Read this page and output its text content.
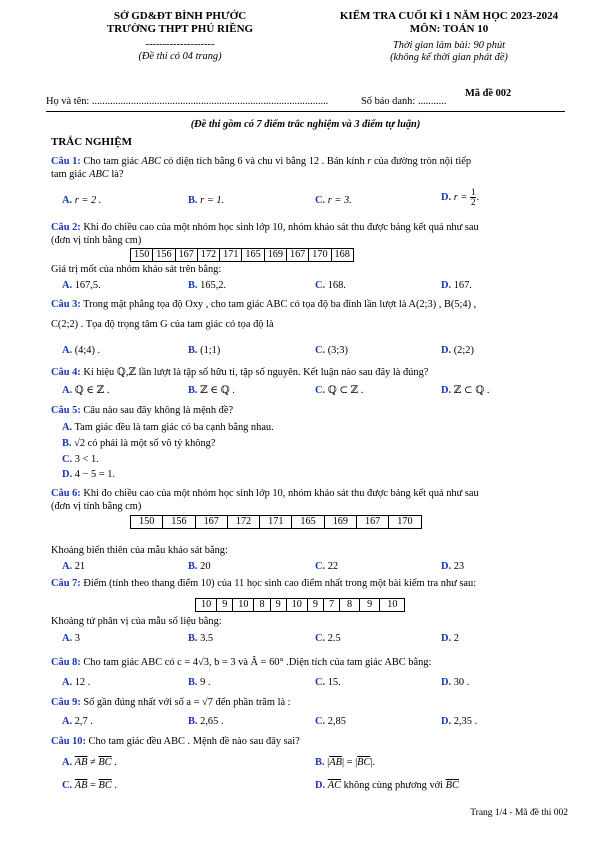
SỞ GD&ĐT BÌNH PHƯỚC
TRƯỜNG THPT PHÚ RIỀNG
--------------------
(Đề thi có 04 trang)
KIỂM TRA CUỐI KÌ 1 NĂM HỌC 2023-2024
MÔN: TOÁN 10
Thời gian làm bài: 90 phút
(không kể thời gian phát đề)
Họ và tên: ...........................................................................................	Số báo danh: ...........
Mã đề 002
(Đề thi gồm có 7 điểm trắc nghiệm và 3 điểm tự luận)
TRẮC NGHIỆM
Câu 1: Cho tam giác ABC có diện tích bằng 6 và chu vi bằng 12 . Bán kính r của đường tròn nội tiếp
tam giác ABC là?
A. r = 2 .	B. r = 1.	C. r = 3.	D. $r = \frac{1}{2}$ .
Câu 2: Khi đo chiều cao của một nhóm học sinh lớp 10, nhóm khảo sát thu được bảng kết quả như sau
(đơn vị tính bằng cm)
150	156	167	172	171	165	169	167	170	168
Giá trị mốt của nhóm khảo sát trên bằng:
A. 167,5.	B. 165,2.	C. 168.	D. 167.
Câu 3: Trong mặt phẳng tọa độ Oxy , cho tam giác ABC có tọa độ ba đỉnh lần lượt là A(2;3) , B(5;4) ,
C(2;2) . Tọa độ trọng tâm G của tam giác có tọa độ là
A. (4;4) .	B. (1;1)	C. (3;3)	D. (2;2)
Câu 4: Kí hiệu ℚ,ℤ lần lượt là tập số hữu tỉ, tập số nguyên. Kết luận nào sau đây là đúng?
A. ℚ ∈ ℤ .	B. ℤ ∈ ℚ .	C. ℚ ⊂ ℤ .	D. ℤ ⊂ ℚ .
Câu 5: Câu nào sau đây không là mệnh đề?
A. Tam giác đều là tam giác có ba cạnh bằng nhau.
B. √2 có phải là một số vô tỷ không?
C. 3 < 1.
D. 4 − 5 = 1.
Câu 6: Khi đo chiều cao của một nhóm học sinh lớp 10, nhóm khảo sát thu được bảng kết quả như sau
(đơn vị tính bằng cm)
150	156	167	172	171	165	169	167	170
Khoảng biến thiên của mẫu khảo sát bằng:
A. 21	B. 20	C. 22	D. 23
Câu 7: Điểm (tính theo thang điểm 10) của 11 học sinh cao điểm nhất trong một bài kiểm tra như sau:
10	9	10	8	9	10	9	7	8	9	10
Khoảng tứ phân vị của mẫu số liệu bằng:
A. 3	B. 3.5	C. 2.5	D. 2
Câu 8: Cho tam giác ABC có c = 4√3, b = 3 và Â = 60° .Diện tích của tam giác ABC bằng:
A. 12 .	B. 9 .	C. 15.	D. 30 .
Câu 9: Số gần đúng nhất với số a = √7 đến phần trăm là :
A. 2,7 .	B. 2,65 .	C. 2,85	D. 2,35 .
Câu 10: Cho tam giác đều ABC . Mệnh đề nào sau đây sai?
A. $\overline{AB} \ne \overline{BC}$ .	B. $|\overline{AB}| = |\overline{BC}|$.
C. $\overline{AB} = \overline{BC}$ .	D. $\overline{AC}$ không cùng phương với $\overline{BC}$
Trang 1/4 - Mã đề thi 002
